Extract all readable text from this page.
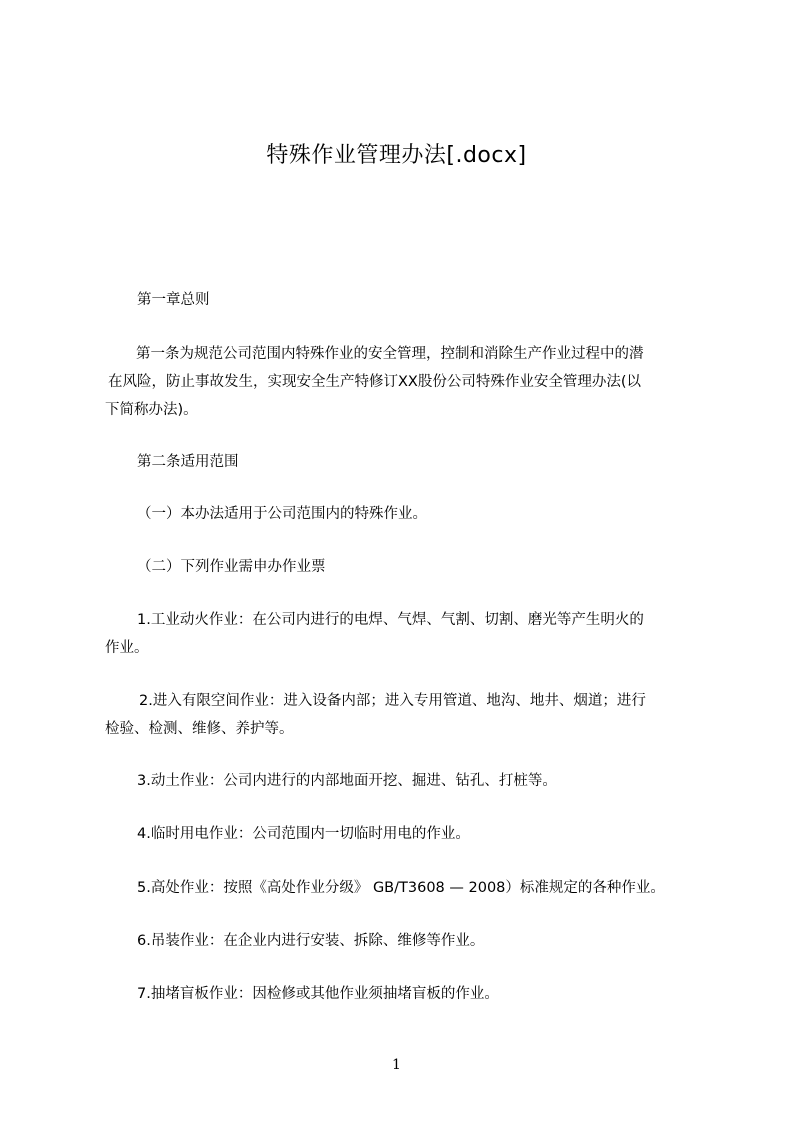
特殊作业管理办法[.docx]
第一章总则
第一条为规范公司范围内特殊作业的安全管理，控制和消除生产作业过程中的潜
在风险，防止事故发生，实现安全生产特修订XX股份公司特殊作业安全管理办法(以
下简称办法)。
第二条适用范围
（一）本办法适用于公司范围内的特殊作业。
（二）下列作业需申办作业票
1.工业动火作业：在公司内进行的电焊、气焊、气割、切割、磨光等产生明火的
作业。
2.进入有限空间作业：进入设备内部；进入专用管道、地沟、地井、烟道；进行
检验、检测、维修、养护等。
3.动土作业：公司内进行的内部地面开挖、掘进、钻孔、打桩等。
4.临时用电作业：公司范围内一切临时用电的作业。
5.高处作业：按照《高处作业分级》 GB/T3608 — 2008）标准规定的各种作业。
6.吊装作业：在企业内进行安装、拆除、维修等作业。
7.抽堵盲板作业：因检修或其他作业须抽堵盲板的作业。
1
